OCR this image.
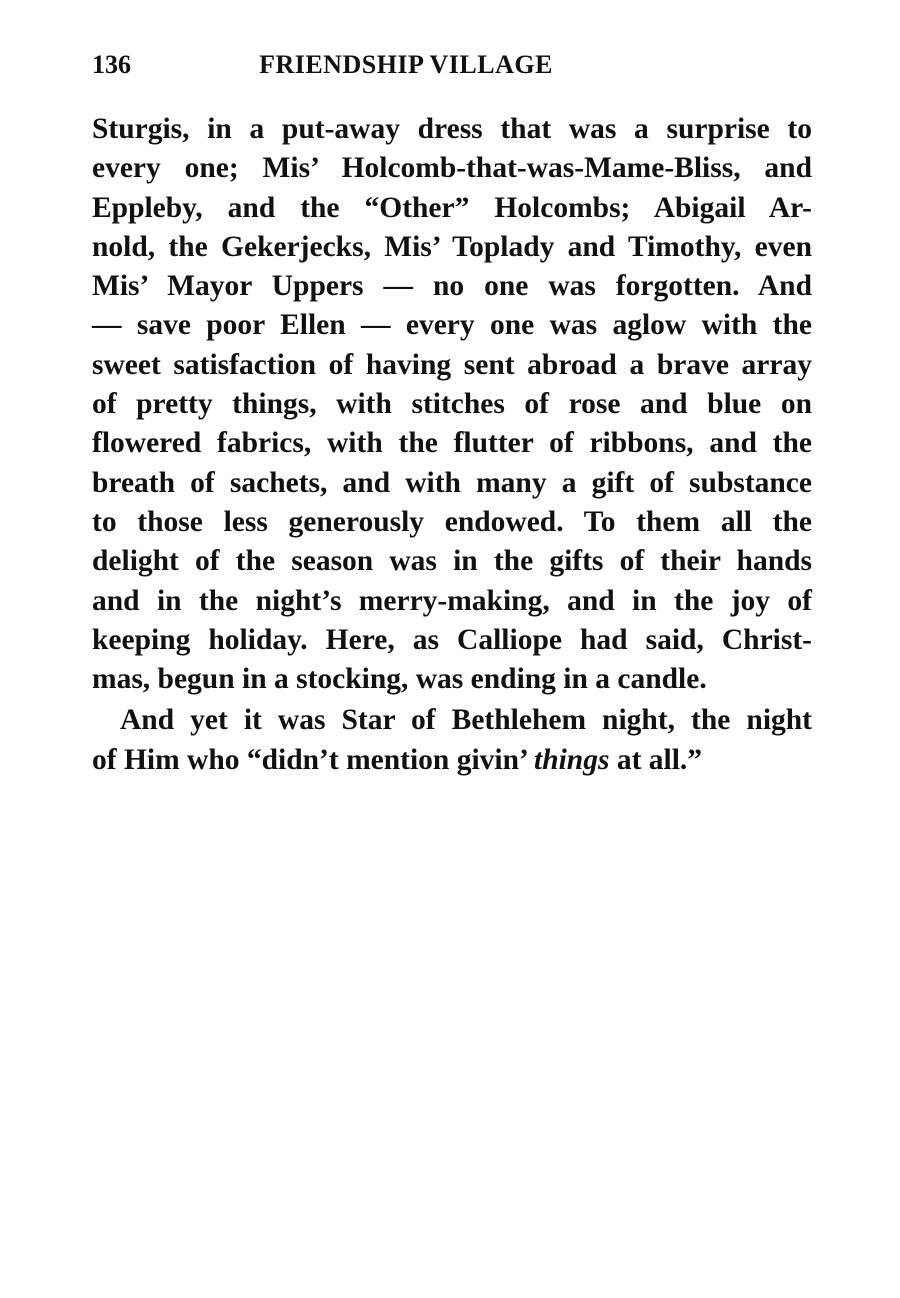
136	FRIENDSHIP VILLAGE
Sturgis, in a put-away dress that was a surprise to
every one; Mis’ Holcomb-that-was-Mame-Bliss, and
Eppleby, and the “Other” Holcombs; Abigail Ar-
nold, the Gekerjecks, Mis’ Toplady and Timothy, even
Mis’ Mayor Uppers — no one was forgotten. And
— save poor Ellen — every one was aglow with the
sweet satisfaction of having sent abroad a brave array
of pretty things, with stitches of rose and blue on
flowered fabrics, with the flutter of ribbons, and the
breath of sachets, and with many a gift of substance
to those less generously endowed. To them all the
delight of the season was in the gifts of their hands
and in the night’s merry-making, and in the joy of
keeping holiday. Here, as Calliope had said, Christ-
mas, begun in a stocking, was ending in a candle.
And yet it was Star of Bethlehem night, the night
of Him who “didn’t mention givin’ things at all.”
